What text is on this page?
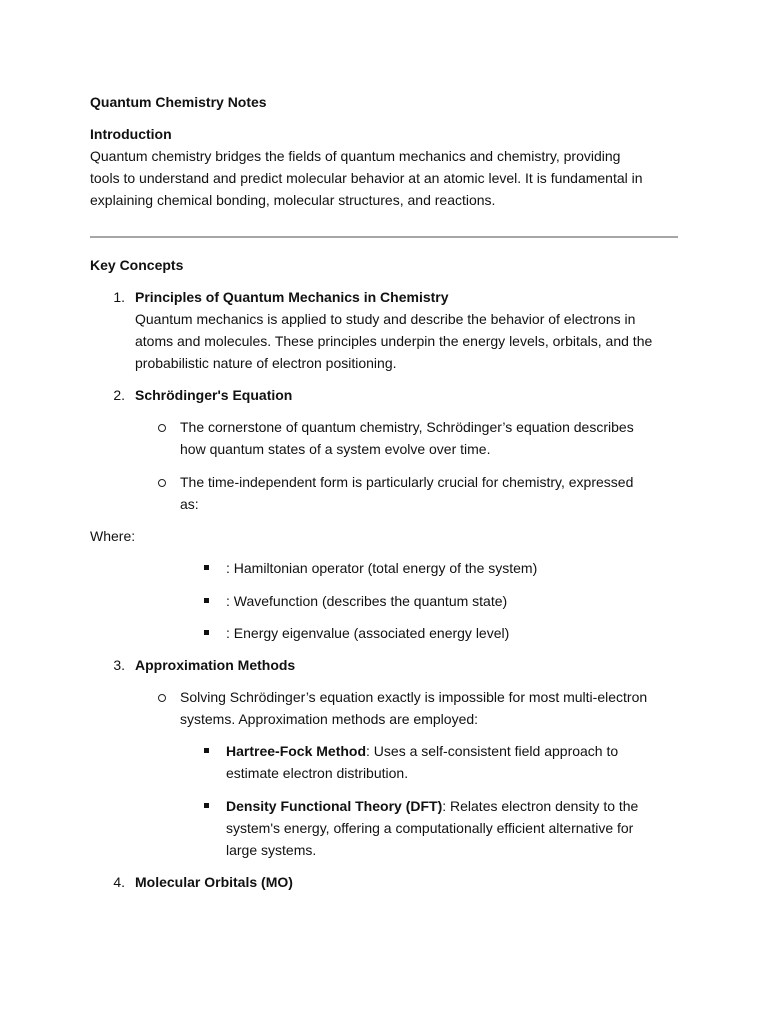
Quantum Chemistry Notes
Introduction
Quantum chemistry bridges the fields of quantum mechanics and chemistry, providing
tools to understand and predict molecular behavior at an atomic level. It is fundamental in
explaining chemical bonding, molecular structures, and reactions.
Key Concepts
1. Principles of Quantum Mechanics in Chemistry
Quantum mechanics is applied to study and describe the behavior of electrons in
atoms and molecules. These principles underpin the energy levels, orbitals, and the
probabilistic nature of electron positioning.
2. Schrödinger's Equation
The cornerstone of quantum chemistry, Schrödinger’s equation describes
how quantum states of a system evolve over time.
The time-independent form is particularly crucial for chemistry, expressed
as:
Where:
: Hamiltonian operator (total energy of the system)
: Wavefunction (describes the quantum state)
: Energy eigenvalue (associated energy level)
3. Approximation Methods
Solving Schrödinger’s equation exactly is impossible for most multi-electron
systems. Approximation methods are employed:
Hartree-Fock Method: Uses a self-consistent field approach to
estimate electron distribution.
Density Functional Theory (DFT): Relates electron density to the
system's energy, offering a computationally efficient alternative for
large systems.
4. Molecular Orbitals (MO)
